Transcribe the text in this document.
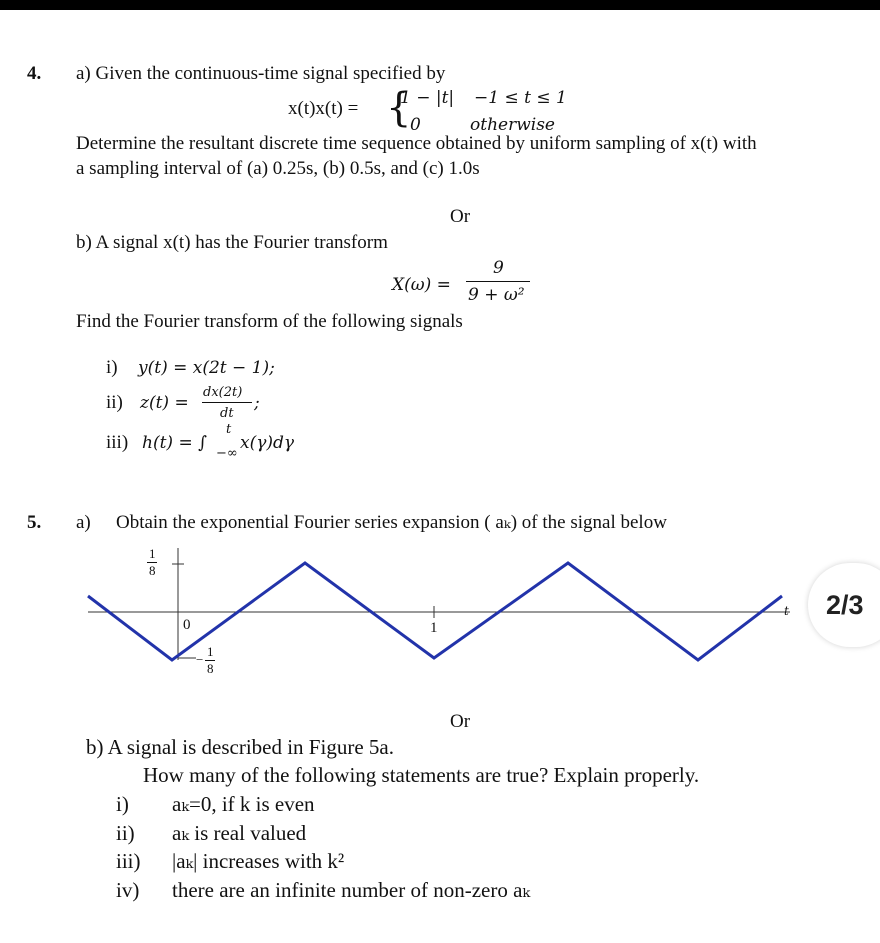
4. a) Given the continuous-time signal specified by
x(t)x(t) = {
1 − |t| −1 ≤ t ≤ 1
0	otherwise
Determine the resultant discrete time sequence obtained by uniform sampling of x(t) with
a sampling interval of (a) 0.25s, (b) 0.5s, and (c) 1.0s
Or
b) A signal x(t) has the Fourier transform
X(ω) =
9
9 + ω²
Find the Fourier transform of the following signals
i) y(t) = x(2t − 1);
ii) z(t) =
dx(2t)
dt
;
iii) h(t) = ∫
t
−∞
x(γ)dγ
5. a) Obtain the exponential Fourier series expansion ( aₖ) of the signal below
1
8
−
1
8
0	1
t
Or
b) A signal is described in Figure 5a.
How many of the following statements are true? Explain properly.
i) aₖ=0, if k is even
ii) aₖ is real valued
iii) |aₖ| increases with k²
iv) there are an infinite number of non-zero aₖ
2/3
